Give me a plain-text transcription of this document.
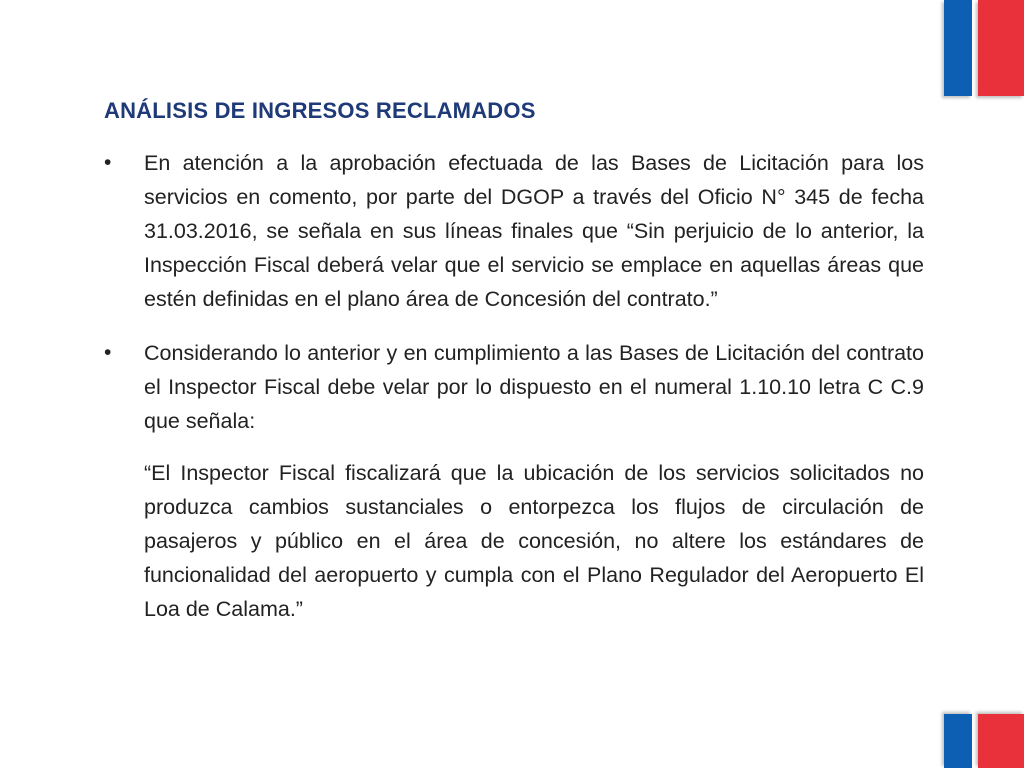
ANÁLISIS DE INGRESOS RECLAMADOS
• En atención a la aprobación efectuada de las Bases de Licitación para los servicios en comento, por parte del DGOP a través del Oficio N° 345 de fecha 31.03.2016, se señala en sus líneas finales que “Sin perjuicio de lo anterior, la Inspección Fiscal deberá velar que el servicio se emplace en aquellas áreas que estén definidas en el plano área de Concesión del contrato.”
• Considerando lo anterior y en cumplimiento a las Bases de Licitación del contrato el Inspector Fiscal debe velar por lo dispuesto en el numeral 1.10.10 letra C C.9 que señala:
“El Inspector Fiscal fiscalizará que la ubicación de los servicios solicitados no produzca cambios sustanciales o entorpezca los flujos de circulación de pasajeros y público en el área de concesión, no altere los estándares de funcionalidad del aeropuerto y cumpla con el Plano Regulador del Aeropuerto El Loa de Calama.”
